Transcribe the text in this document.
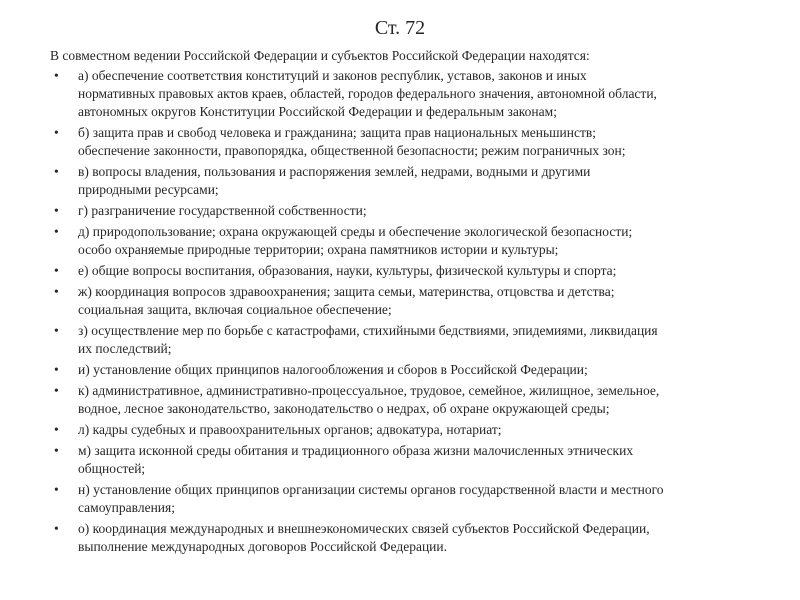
Ст. 72
В совместном ведении Российской Федерации и субъектов Российской Федерации находятся:
•	а) обеспечение соответствия конституций и законов республик, уставов, законов и иных
нормативных правовых актов краев, областей, городов федерального значения, автономной области,
автономных округов Конституции Российской Федерации и федеральным законам;
•	б) защита прав и свобод человека и гражданина; защита прав национальных меньшинств;
обеспечение законности, правопорядка, общественной безопасности; режим пограничных зон;
•	в) вопросы владения, пользования и распоряжения землей, недрами, водными и другими
природными ресурсами;
•	г) разграничение государственной собственности;
•	д) природопользование; охрана окружающей среды и обеспечение экологической безопасности;
особо охраняемые природные территории; охрана памятников истории и культуры;
•	е) общие вопросы воспитания, образования, науки, культуры, физической культуры и спорта;
•	ж) координация вопросов здравоохранения; защита семьи, материнства, отцовства и детства;
социальная защита, включая социальное обеспечение;
•	з) осуществление мер по борьбе с катастрофами, стихийными бедствиями, эпидемиями, ликвидация
их последствий;
•	и) установление общих принципов налогообложения и сборов в Российской Федерации;
•	к) административное, административно-процессуальное, трудовое, семейное, жилищное, земельное,
водное, лесное законодательство, законодательство о недрах, об охране окружающей среды;
•	л) кадры судебных и правоохранительных органов; адвокатура, нотариат;
•	м) защита исконной среды обитания и традиционного образа жизни малочисленных этнических
общностей;
•	н) установление общих принципов организации системы органов государственной власти и местного
самоуправления;
•	о) координация международных и внешнеэкономических связей субъектов Российской Федерации,
выполнение международных договоров Российской Федерации.
